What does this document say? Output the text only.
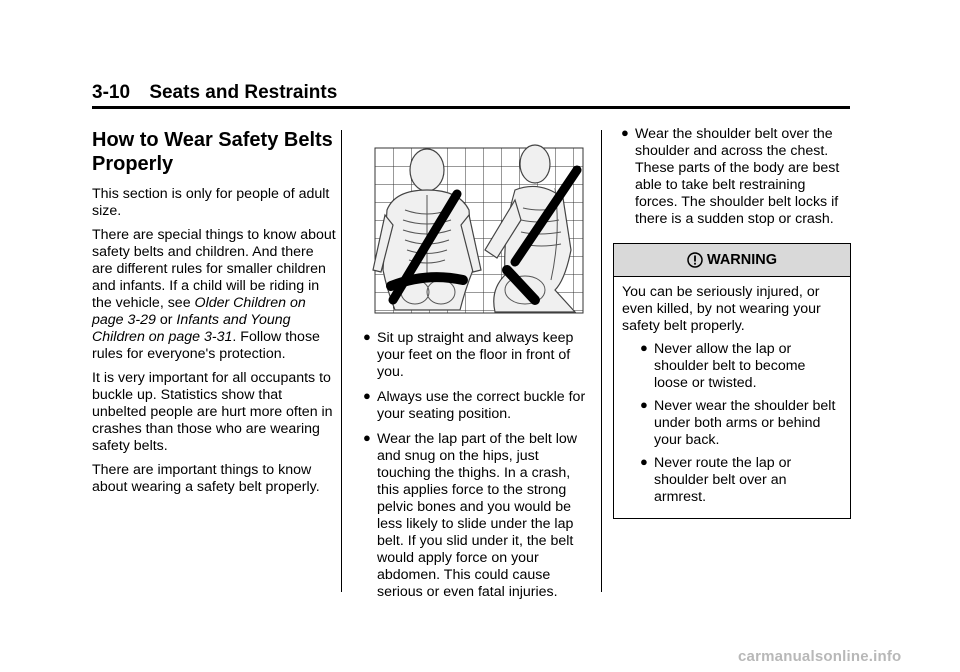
3-10 Seats and Restraints
How to Wear Safety Belts Properly

This section is only for people of adult size.

There are special things to know about safety belts and children. And there are different rules for smaller children and infants. If a child will be riding in the vehicle, see Older Children on page 3-29 or Infants and Young Children on page 3-31. Follow those rules for everyone's protection.

It is very important for all occupants to buckle up. Statistics show that unbelted people are hurt more often in crashes than those who are wearing safety belts.

There are important things to know about wearing a safety belt properly.

● Sit up straight and always keep your feet on the floor in front of you.
● Always use the correct buckle for your seating position.
● Wear the lap part of the belt low and snug on the hips, just touching the thighs. In a crash, this applies force to the strong pelvic bones and you would be less likely to slide under the lap belt. If you slid under it, the belt would apply force on your abdomen. This could cause serious or even fatal injuries.
● Wear the shoulder belt over the shoulder and across the chest. These parts of the body are best able to take belt restraining forces. The shoulder belt locks if there is a sudden stop or crash.
WARNING

You can be seriously injured, or even killed, by not wearing your safety belt properly.

● Never allow the lap or shoulder belt to become loose or twisted.
● Never wear the shoulder belt under both arms or behind your back.
● Never route the lap or shoulder belt over an armrest.
carmanualsonline.info
